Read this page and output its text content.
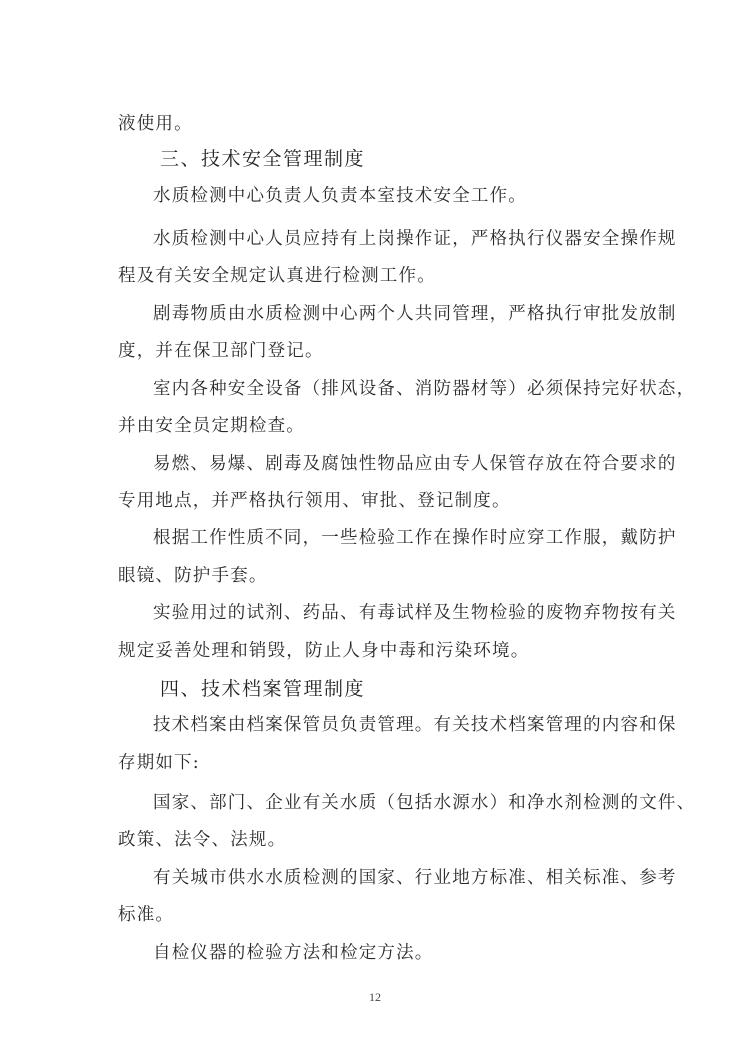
液使用。
三、技术安全管理制度
水质检测中心负责人负责本室技术安全工作。
水质检测中心人员应持有上岗操作证，严格执行仪器安全操作规
程及有关安全规定认真进行检测工作。
剧毒物质由水质检测中心两个人共同管理，严格执行审批发放制
度，并在保卫部门登记。
室内各种安全设备（排风设备、消防器材等）必须保持完好状态，
并由安全员定期检查。
易燃、易爆、剧毒及腐蚀性物品应由专人保管存放在符合要求的
专用地点，并严格执行领用、审批、登记制度。
根据工作性质不同，一些检验工作在操作时应穿工作服，戴防护
眼镜、防护手套。
实验用过的试剂、药品、有毒试样及生物检验的废物弃物按有关
规定妥善处理和销毁，防止人身中毒和污染环境。
四、技术档案管理制度
技术档案由档案保管员负责管理。有关技术档案管理的内容和保
存期如下:
国家、部门、企业有关水质（包括水源水）和净水剂检测的文件、
政策、法令、法规。
有关城市供水水质检测的国家、行业地方标准、相关标准、参考
标准。
自检仪器的检验方法和检定方法。
12
